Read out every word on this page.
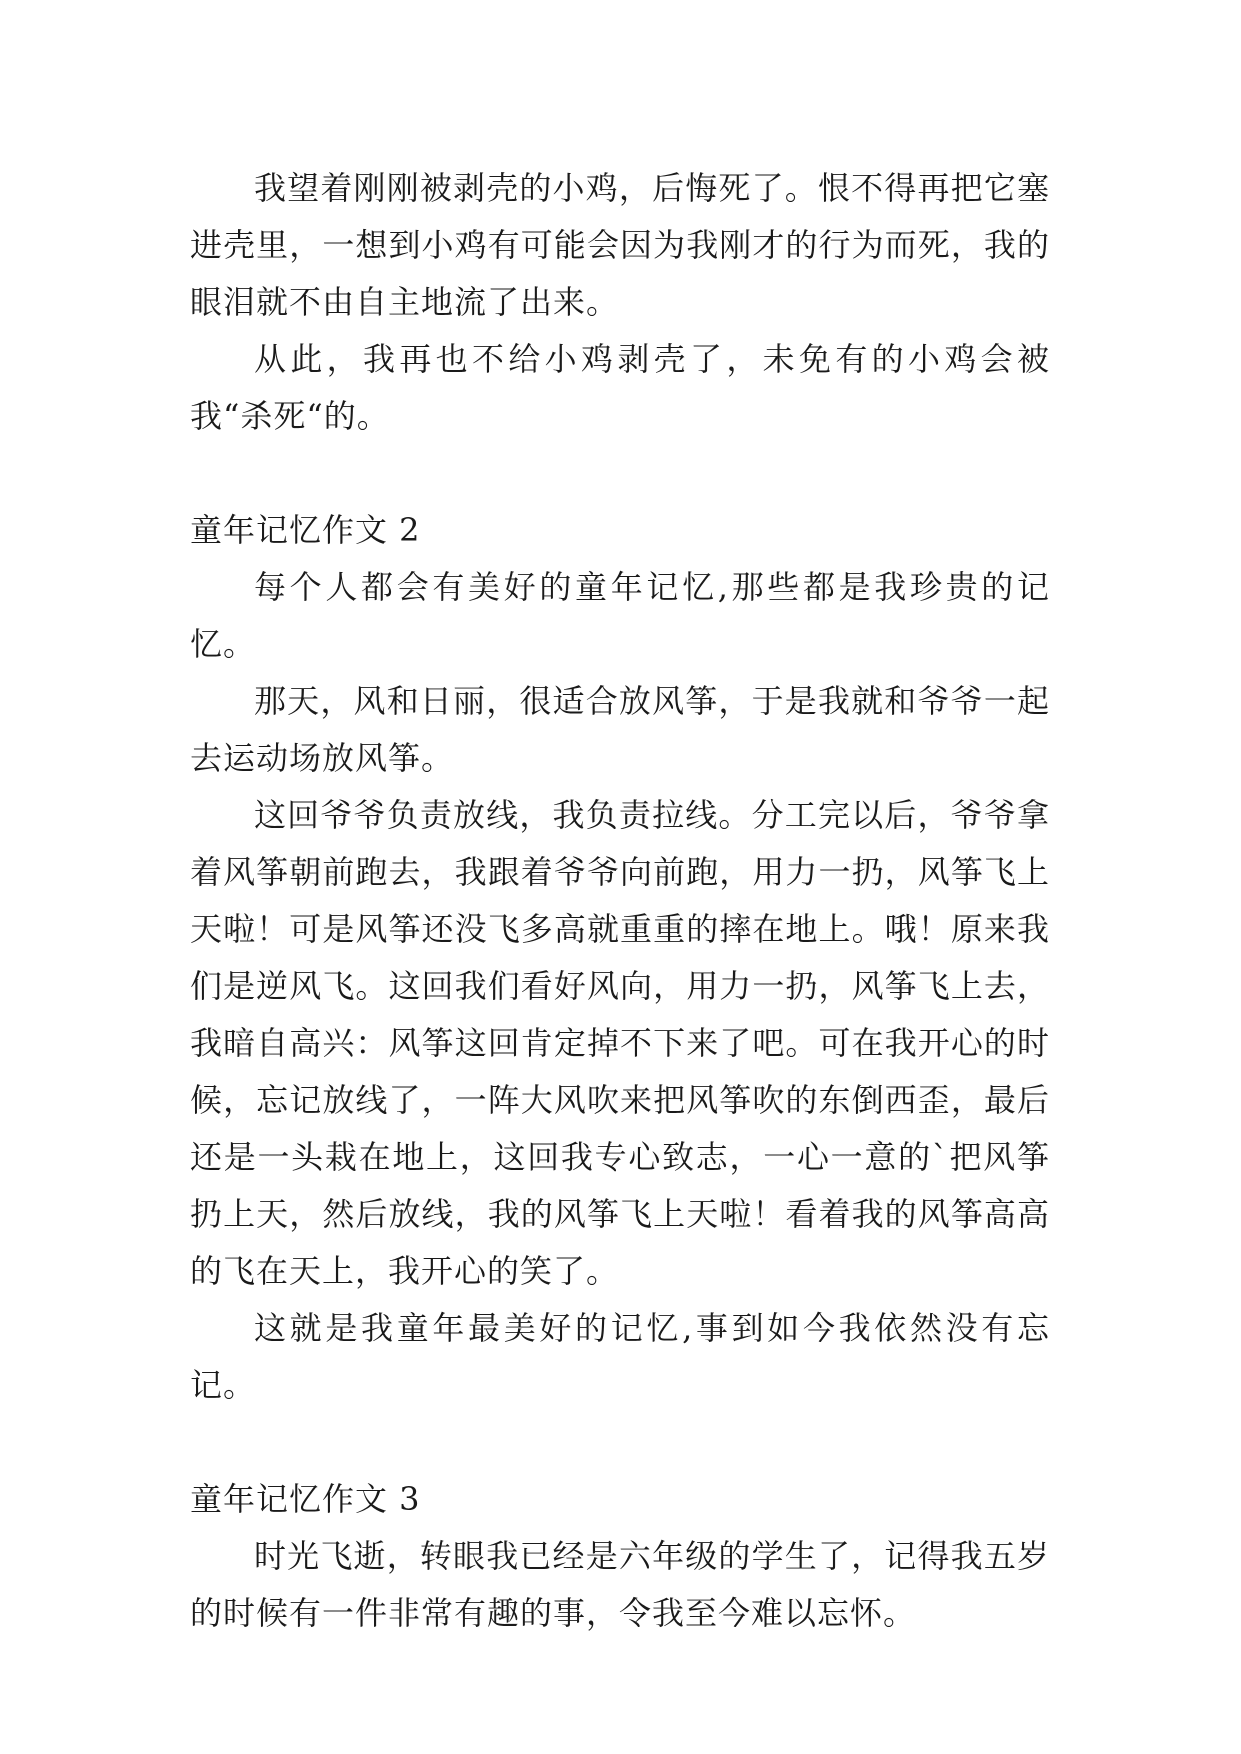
我望着刚刚被剥壳的小鸡，后悔死了。恨不得再把它塞进壳里，一想到小鸡有可能会因为我刚才的行为而死，我的眼泪就不由自主地流了出来。

从此，我再也不给小鸡剥壳了，未免有的小鸡会被我“杀死“的。

童年记忆作文 2

每个人都会有美好的童年记忆,那些都是我珍贵的记忆。

那天，风和日丽，很适合放风筝，于是我就和爷爷一起去运动场放风筝。

这回爷爷负责放线，我负责拉线。分工完以后，爷爷拿着风筝朝前跑去，我跟着爷爷向前跑，用力一扔，风筝飞上天啦！可是风筝还没飞多高就重重的摔在地上。哦！原来我们是逆风飞。这回我们看好风向，用力一扔，风筝飞上去，我暗自高兴：风筝这回肯定掉不下来了吧。可在我开心的时候，忘记放线了，一阵大风吹来把风筝吹的东倒西歪，最后还是一头栽在地上，这回我专心致志，一心一意的`把风筝扔上天，然后放线，我的风筝飞上天啦！看着我的风筝高高的飞在天上，我开心的笑了。

这就是我童年最美好的记忆,事到如今我依然没有忘记。

童年记忆作文 3

时光飞逝，转眼我已经是六年级的学生了，记得我五岁的时候有一件非常有趣的事，令我至今难以忘怀。
